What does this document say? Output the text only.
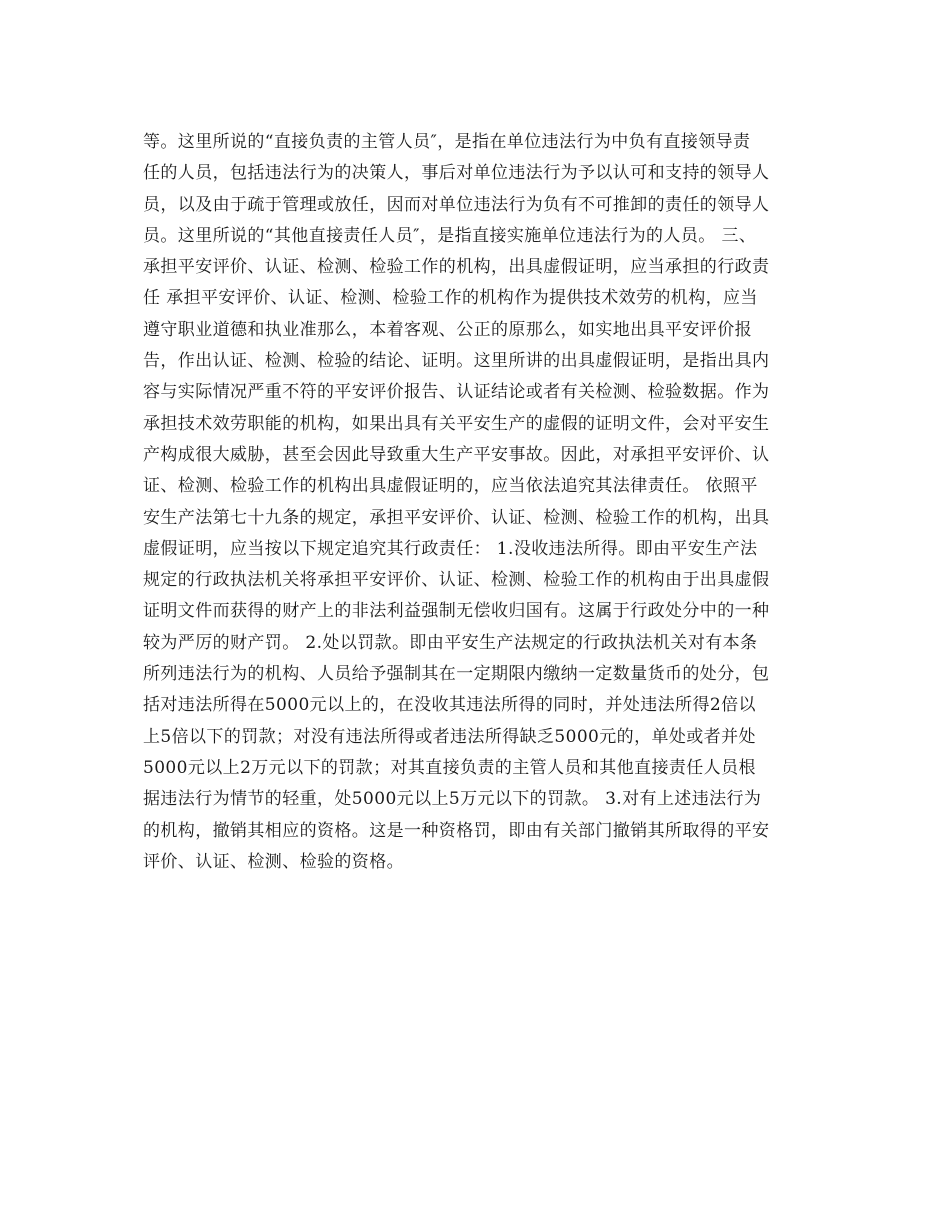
等。这里所说的“直接负责的主管人员″，是指在单位违法行为中负有直接领导责
任的人员，包括违法行为的决策人，事后对单位违法行为予以认可和支持的领导人
员，以及由于疏于管理或放任，因而对单位违法行为负有不可推卸的责任的领导人
员。这里所说的“其他直接责任人员″，是指直接实施单位违法行为的人员。 三、
承担平安评价、认证、检测、检验工作的机构，出具虚假证明，应当承担的行政责
任 承担平安评价、认证、检测、检验工作的机构作为提供技术效劳的机构，应当
遵守职业道德和执业准那么，本着客观、公正的原那么，如实地出具平安评价报
告，作出认证、检测、检验的结论、证明。这里所讲的出具虚假证明，是指出具内
容与实际情况严重不符的平安评价报告、认证结论或者有关检测、检验数据。作为
承担技术效劳职能的机构，如果出具有关平安生产的虚假的证明文件，会对平安生
产构成很大威胁，甚至会因此导致重大生产平安事故。因此，对承担平安评价、认
证、检测、检验工作的机构出具虚假证明的，应当依法追究其法律责任。 依照平
安生产法第七十九条的规定，承担平安评价、认证、检测、检验工作的机构，出具
虚假证明，应当按以下规定追究其行政责任： 1.没收违法所得。即由平安生产法
规定的行政执法机关将承担平安评价、认证、检测、检验工作的机构由于出具虚假
证明文件而获得的财产上的非法利益强制无偿收归国有。这属于行政处分中的一种
较为严厉的财产罚。 2.处以罚款。即由平安生产法规定的行政执法机关对有本条
所列违法行为的机构、人员给予强制其在一定期限内缴纳一定数量货币的处分，包
括对违法所得在5000元以上的，在没收其违法所得的同时，并处违法所得2倍以
上5倍以下的罚款；对没有违法所得或者违法所得缺乏5000元的，单处或者并处
5000元以上2万元以下的罚款；对其直接负责的主管人员和其他直接责任人员根
据违法行为情节的轻重，处5000元以上5万元以下的罚款。 3.对有上述违法行为
的机构，撤销其相应的资格。这是一种资格罚，即由有关部门撤销其所取得的平安
评价、认证、检测、检验的资格。
